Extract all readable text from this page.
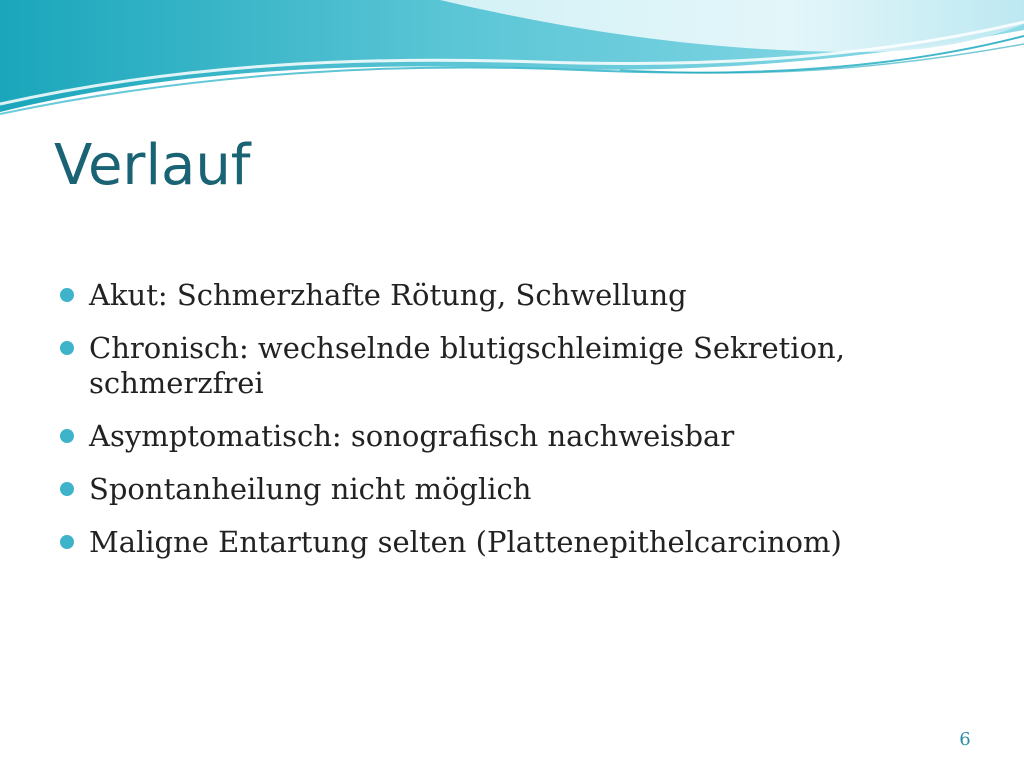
Verlauf
Akut: Schmerzhafte Rötung, Schwellung
Chronisch: wechselnde blutigschleimige Sekretion, schmerzfrei
Asymptomatisch: sonografisch nachweisbar
Spontanheilung nicht möglich
Maligne Entartung selten (Plattenepithelcarcinom)
6
